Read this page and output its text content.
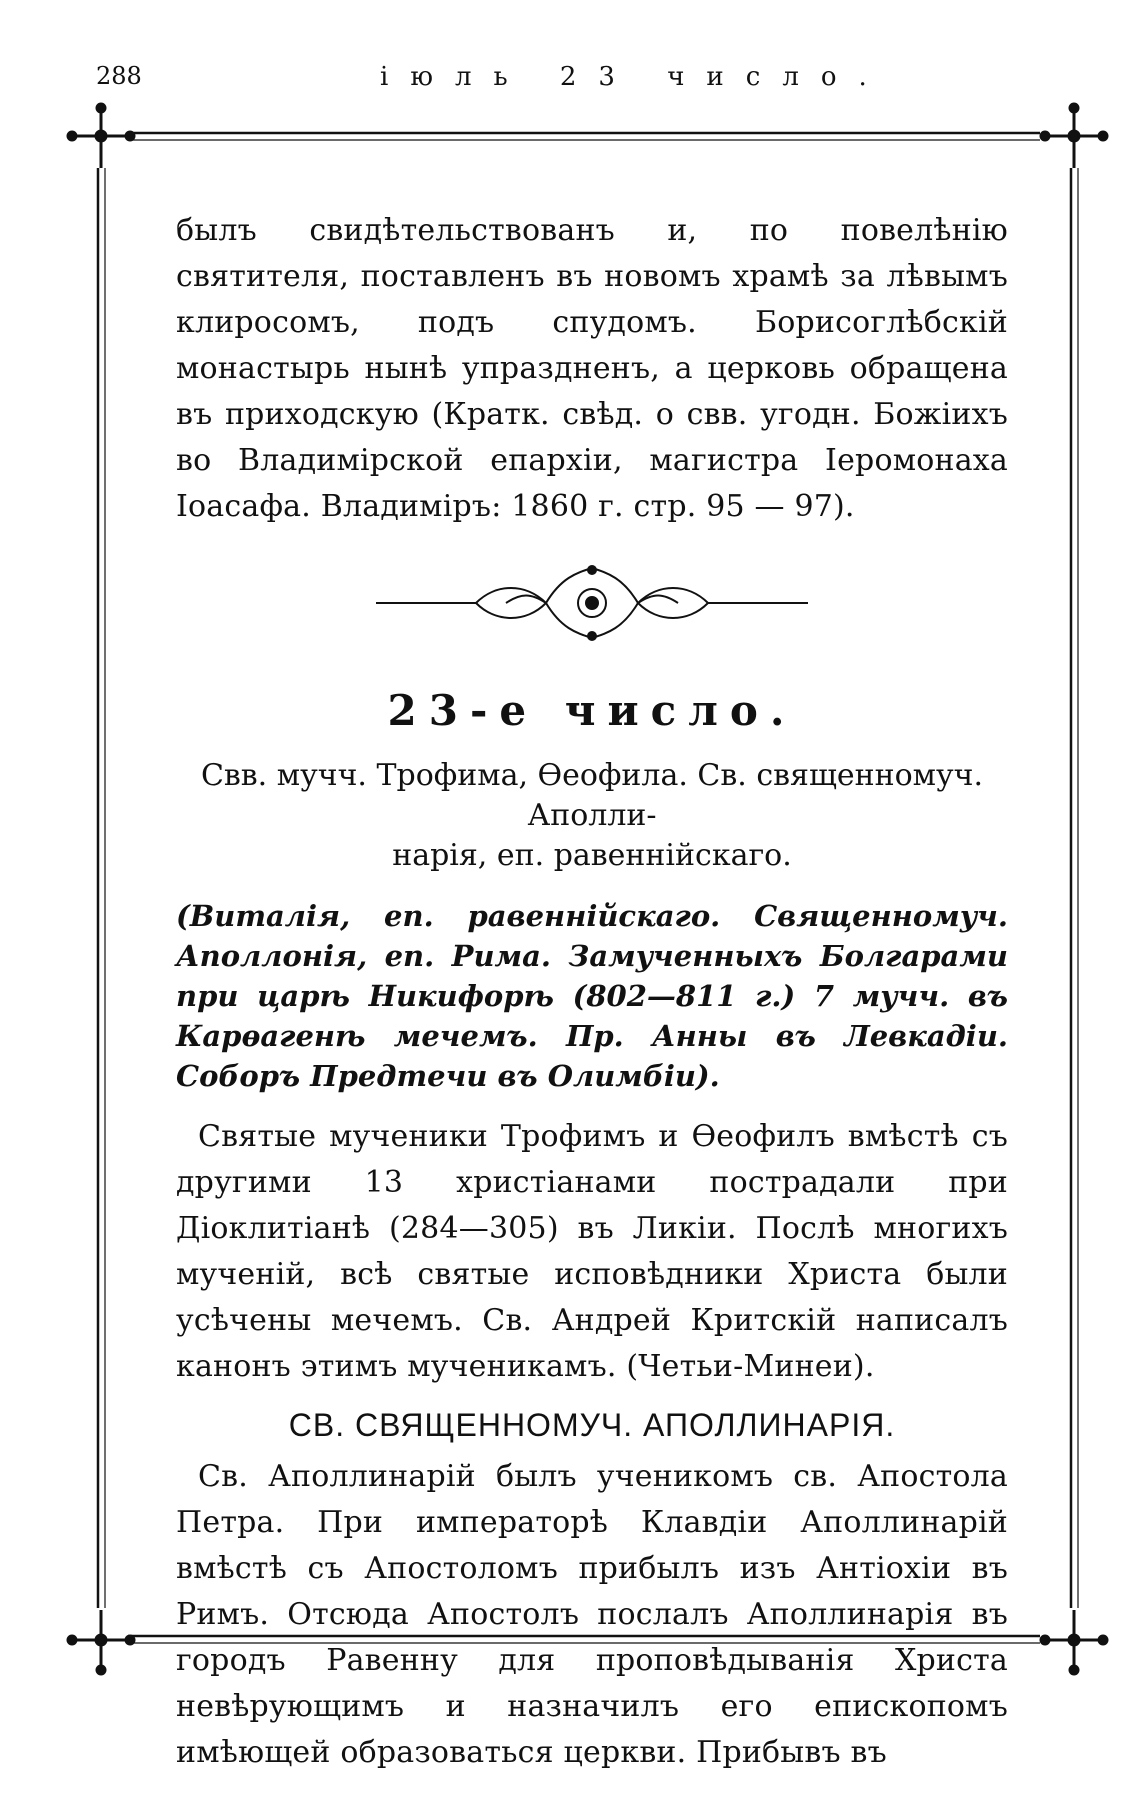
288	іюль 23 число.

былъ свидѣтельствованъ и, по повелѣнію святителя, поставленъ въ новомъ храмѣ за лѣвымъ клиросомъ, подъ спудомъ. Борисоглѣбскій монастырь нынѣ упраздненъ, а церковь обращена въ приходскую (Кратк. свѣд. о свв. угодн. Божіихъ во Владимірской епархіи, магистра Іеромонаха Іоасафа. Владиміръ: 1860 г. стр. 95 — 97).

23-е число.

Свв. мучч. Трофима, Ѳеофила. Св. священномуч. Аполли-

нарія, еп. равеннійскаго.

(Виталія, еп. равеннійскаго. Священномуч. Аполлонія, еп. Рима. Замученныхъ Болгарами при царѣ Никифорѣ (802—811 г.) 7 мучч. въ Карѳагенѣ мечемъ. Пр. Анны въ Левкадіи. Соборъ Предтечи въ Олимбіи).

Святые мученики Трофимъ и Ѳеофилъ вмѣстѣ съ другими 13 христіанами пострадали при Діоклитіанѣ (284—305) въ Ликіи. Послѣ многихъ мученій, всѣ святые исповѣдники Христа были усѣчены мечемъ. Св. Андрей Критскій написалъ канонъ этимъ мученикамъ. (Четьи-Минеи).

СВ. СВЯЩЕННОМУЧ. АПОЛЛИНАРІЯ.

Св. Аполлинарій былъ ученикомъ св. Апостола Петра. При императорѣ Клавдіи Аполлинарій вмѣстѣ съ Апостоломъ прибылъ изъ Антіохіи въ Римъ. Отсюда Апостолъ послалъ Аполлинарія въ городъ Равенну для проповѣдыванія Христа невѣрующимъ и назначилъ его епископомъ имѣющей образоваться церкви. Прибывъ въ
